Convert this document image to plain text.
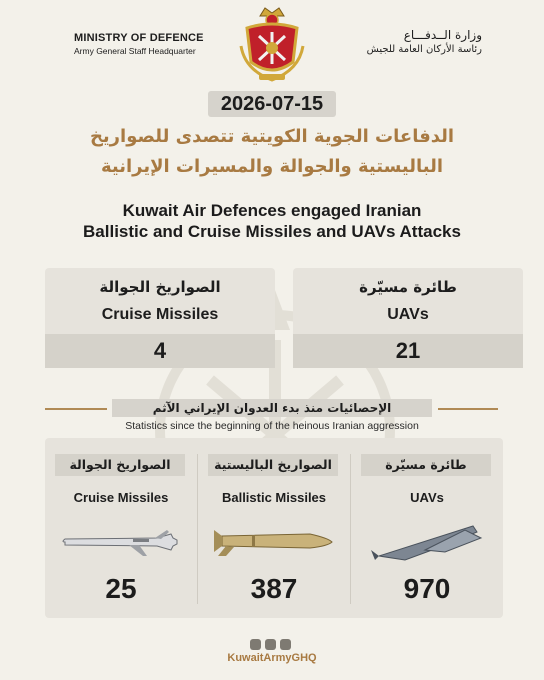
MINISTRY OF DEFENCE
Army General Staff Headquarter
وزارة الــدفـــاع
رئاسة الأركان العامة للجيش
2026-07-15
الدفاعات الجوية الكويتية تتصدى للصواريخ
الباليستية والجوالة والمسيرات الإيرانية
Kuwait Air Defences engaged Iranian
Ballistic and Cruise Missiles and UAVs Attacks
الصواريخ الجوالة
Cruise Missiles
4
طائرة مسيّرة
UAVs
21
الإحصائيات منذ بدء العدوان الإيراني الآثم
Statistics since the beginning of the heinous Iranian aggression
الصواريخ الجوالة
Cruise Missiles
25
الصواريخ الباليستية
Ballistic Missiles
387
طائرة مسيّرة
UAVs
970
KuwaitArmyGHQ
